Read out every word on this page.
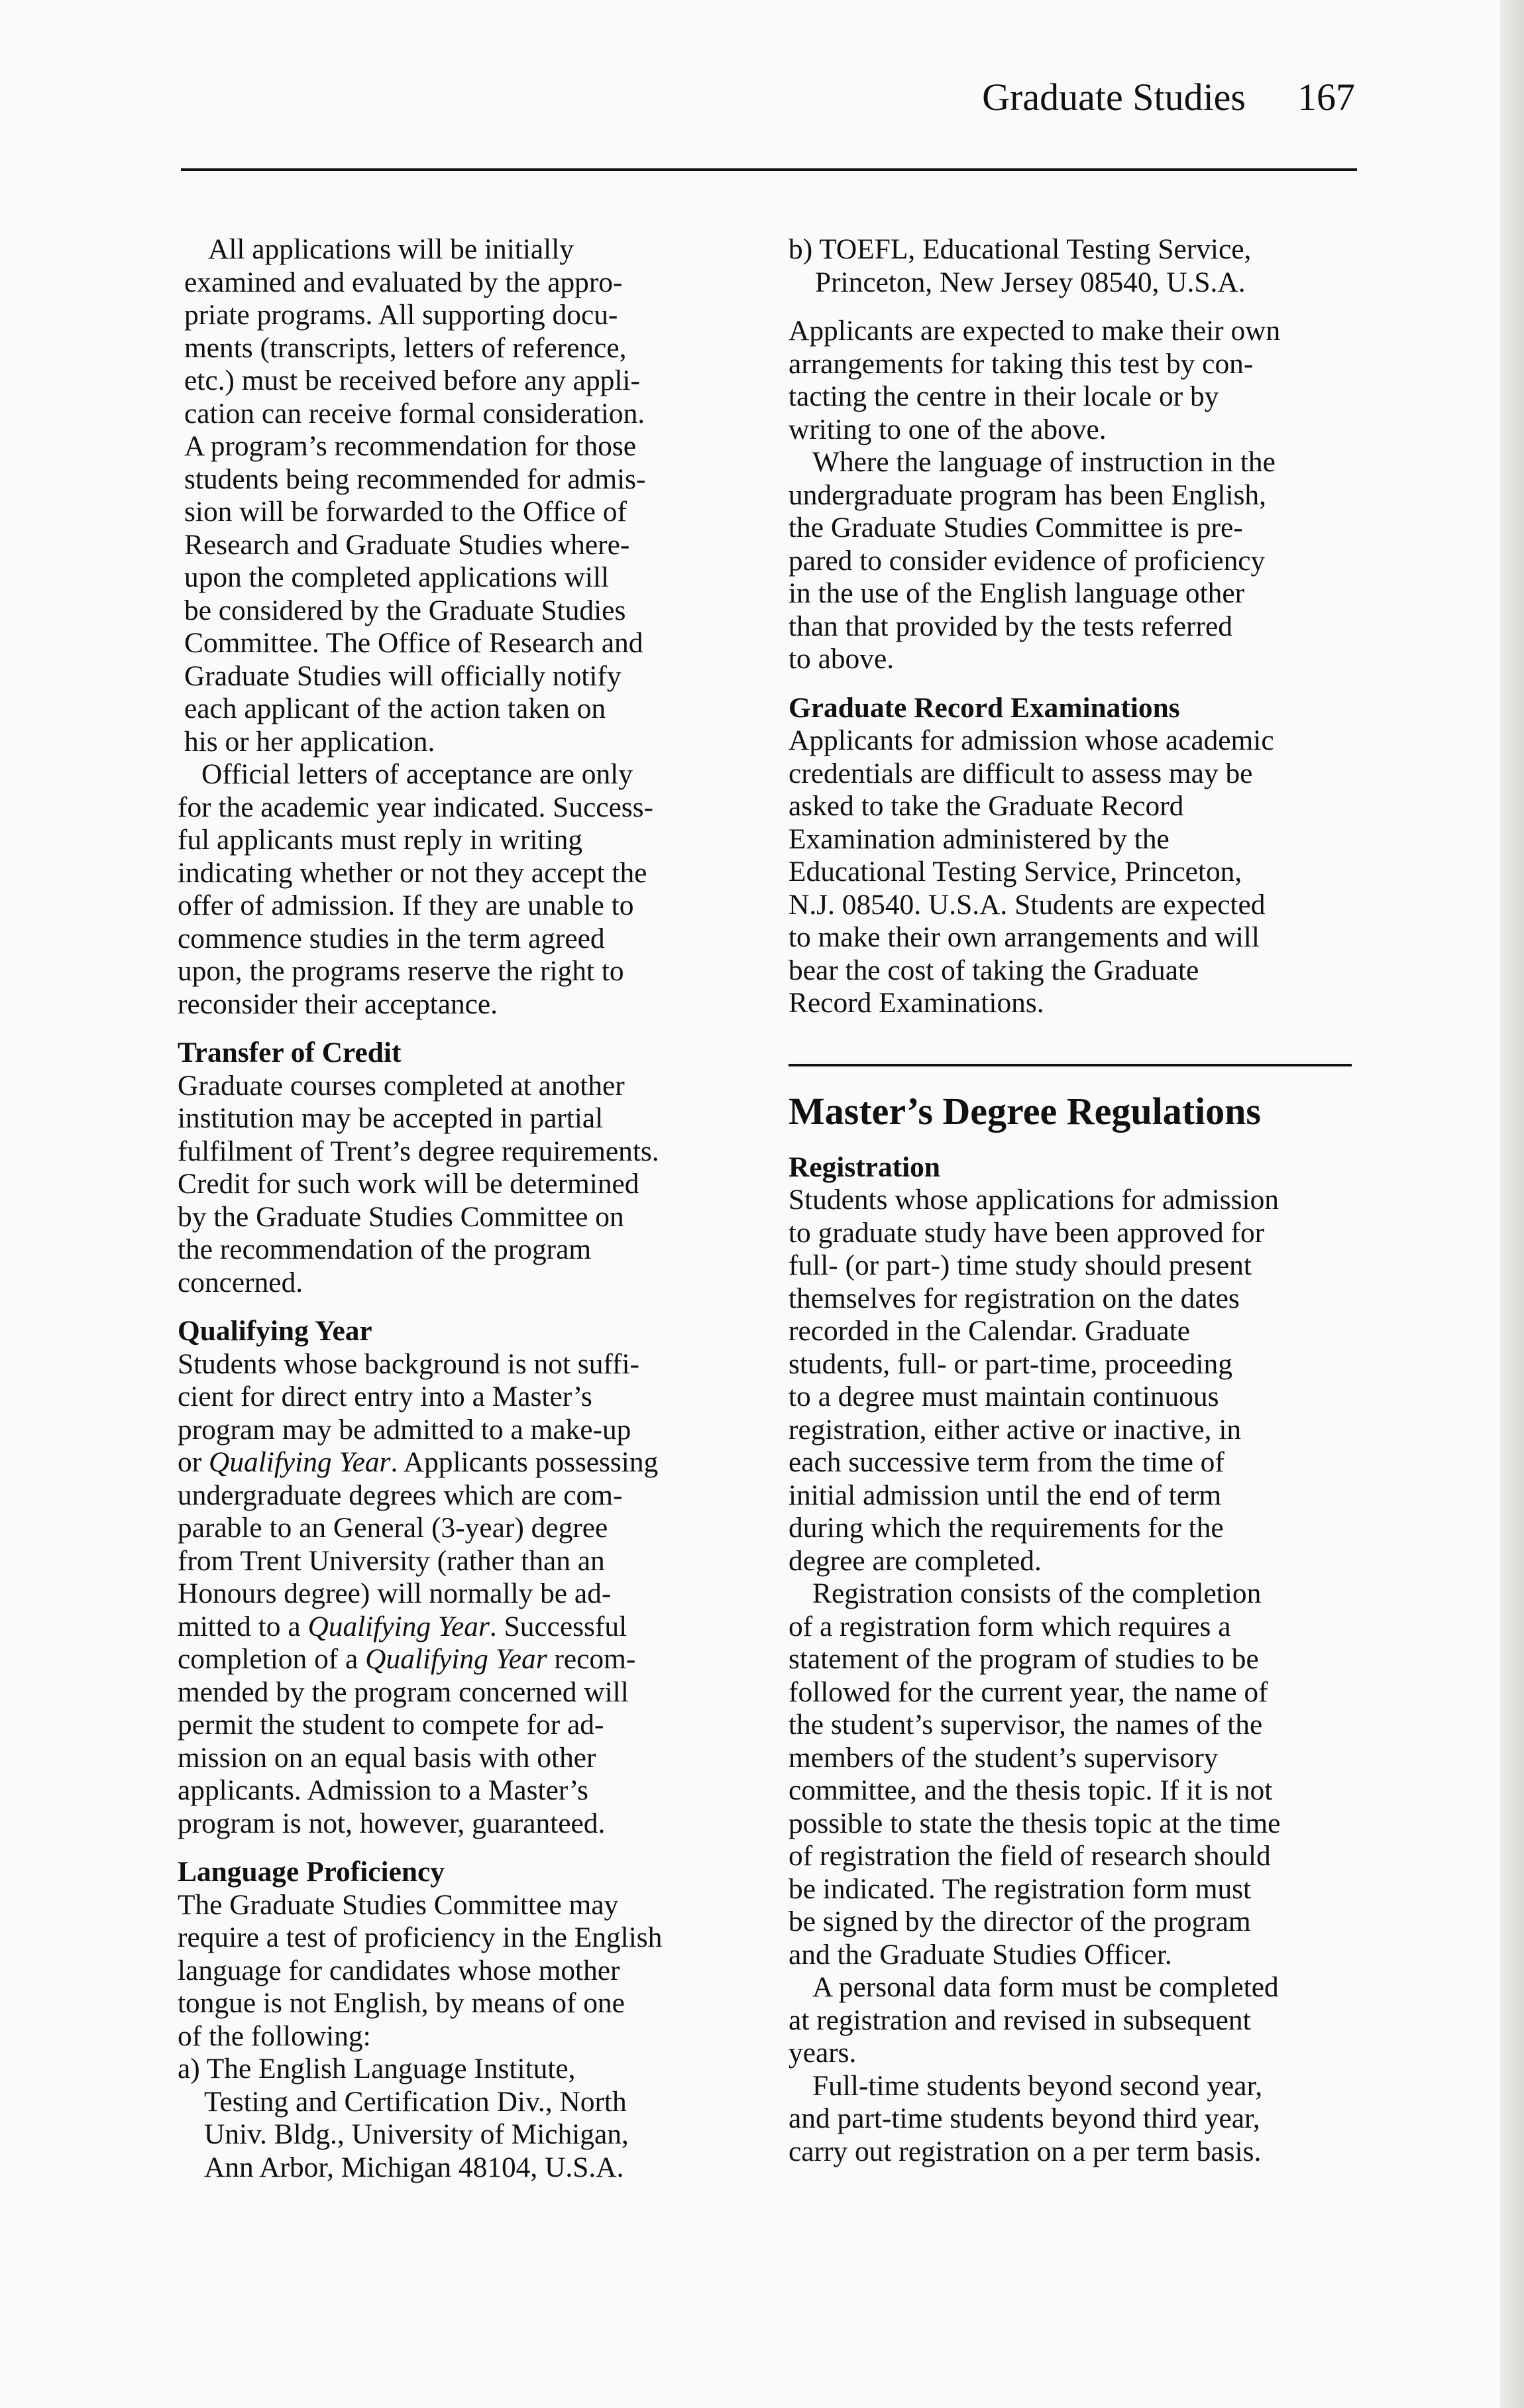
Graduate Studies 167

All applications will be initially
examined and evaluated by the appro-
priate programs. All supporting docu-
ments (transcripts, letters of reference,
etc.) must be received before any appli-
cation can receive formal consideration.
A program’s recommendation for those
students being recommended for admis-
sion will be forwarded to the Office of
Research and Graduate Studies where-
upon the completed applications will
be considered by the Graduate Studies
Committee. The Office of Research and
Graduate Studies will officially notify
each applicant of the action taken on
his or her application.

Official letters of acceptance are only
for the academic year indicated. Success-
ful applicants must reply in writing
indicating whether or not they accept the
offer of admission. If they are unable to
commence studies in the term agreed
upon, the programs reserve the right to
reconsider their acceptance.

Transfer of Credit

Graduate courses completed at another
institution may be accepted in partial
fulfilment of Trent’s degree requirements.
Credit for such work will be determined
by the Graduate Studies Committee on
the recommendation of the program
concerned.

Qualifying Year

Students whose background is not suffi-
cient for direct entry into a Master’s
program may be admitted to a make-up
or Qualifying Year. Applicants possessing
undergraduate degrees which are com-
parable to an General (3-year) degree
from Trent University (rather than an
Honours degree) will normally be ad-
mitted to a Qualifying Year. Successful
completion of a Qualifying Year recom-
mended by the program concerned will
permit the student to compete for ad-
mission on an equal basis with other
applicants. Admission to a Master’s
program is not, however, guaranteed.

Language Proficiency

The Graduate Studies Committee may
require a test of proficiency in the English
language for candidates whose mother
tongue is not English, by means of one
of the following:

a) The English Language Institute,
Testing and Certification Div., North
Univ. Bldg., University of Michigan,
Ann Arbor, Michigan 48104, U.S.A.

b) TOEFL, Educational Testing Service,
Princeton, New Jersey 08540, U.S.A.

Applicants are expected to make their own
arrangements for taking this test by con-
tacting the centre in their locale or by
writing to one of the above.

Where the language of instruction in the
undergraduate program has been English,
the Graduate Studies Committee is pre-
pared to consider evidence of proficiency
in the use of the English language other
than that provided by the tests referred
to above.

Graduate Record Examinations

Applicants for admission whose academic
credentials are difficult to assess may be
asked to take the Graduate Record
Examination administered by the
Educational Testing Service, Princeton,
N.J. 08540. U.S.A. Students are expected
to make their own arrangements and will
bear the cost of taking the Graduate
Record Examinations.

Master’s Degree Regulations
Registration

Students whose applications for admission
to graduate study have been approved for
full- (or part-) time study should present
themselves for registration on the dates
recorded in the Calendar. Graduate
students, full- or part-time, proceeding
to a degree must maintain continuous
registration, either active or inactive, in
each successive term from the time of
initial admission until the end of term
during which the requirements for the
degree are completed.

Registration consists of the completion
of a registration form which requires a
statement of the program of studies to be
followed for the current year, the name of
the student’s supervisor, the names of the
members of the student’s supervisory
committee, and the thesis topic. If it is not
possible to state the thesis topic at the time
of registration the field of research should
be indicated. The registration form must
be signed by the director of the program
and the Graduate Studies Officer.

A personal data form must be completed
at registration and revised in subsequent
years.

Full-time students beyond second year,
and part-time students beyond third year,
carry out registration on a per term basis.
